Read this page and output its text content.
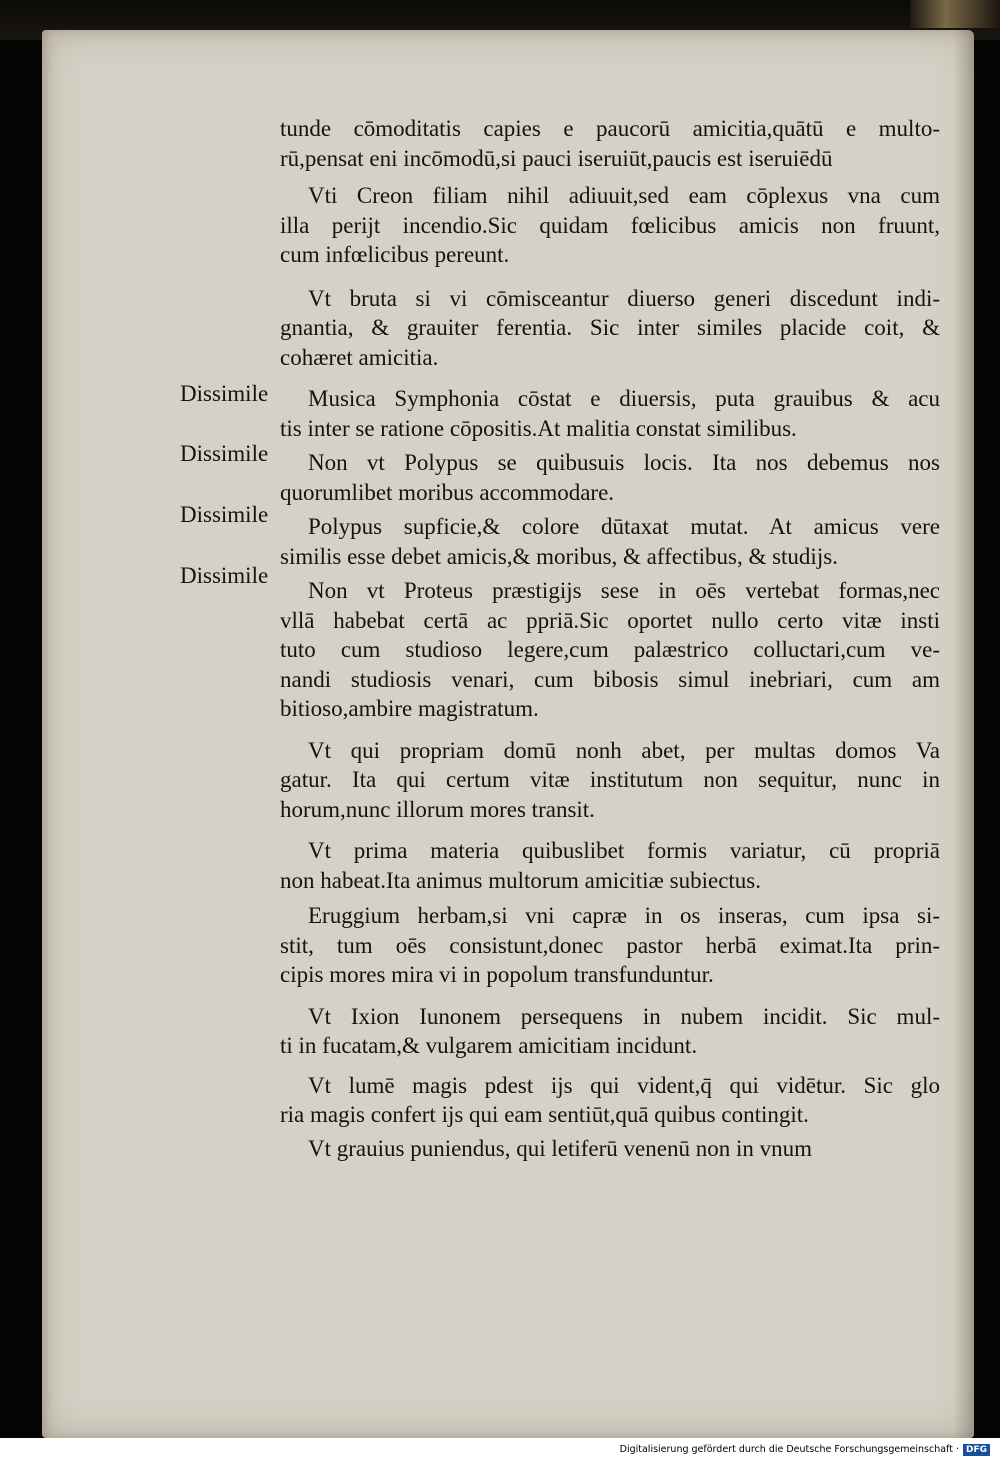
tunde cōmoditatis capies e paucorū amicitia,quātū e multo-
rū,pensat eni incōmodū,si pauci iseruiūt,paucis est iseruiēdū
Vti Creon filiam nihil adiuuit,sed eam cōplexus vna cum
illa perijt incendio.Sic quidam fœlicibus amicis non fruunt,
cum infœlicibus pereunt.
Vt bruta si vi cōmisceantur diuerso generi discedunt indi-
gnantia, & grauiter ferentia. Sic inter similes placide coit, &
cohæret amicitia.
Musica Symphonia cōstat e diuersis, puta grauibus & acu
tis inter se ratione cōpositis.At malitia constat similibus.
Non vt Polypus se quibusuis locis. Ita nos debemus nos
quorumlibet moribus accommodare.
Polypus supficie,& colore dūtaxat mutat. At amicus vere
similis esse debet amicis,& moribus, & affectibus, & studijs.
Non vt Proteus præstigijs sese in oēs vertebat formas,nec
vllā habebat certā ac ppriā.Sic oportet nullo certo vitæ insti
tuto cum studioso legere,cum palæstrico colluctari,cum ve-
nandi studiosis venari, cum bibosis simul inebriari, cum am
bitioso,ambire magistratum.
Vt qui propriam domū nonh abet, per multas domos Va
gatur. Ita qui certum vitæ institutum non sequitur, nunc in
horum,nunc illorum mores transit.
Vt prima materia quibuslibet formis variatur, cū propriā
non habeat.Ita animus multorum amicitiæ subiectus.
Eruggium herbam,si vni capræ in os inseras, cum ipsa si-
stit, tum oēs consistunt,donec pastor herbā eximat.Ita prin-
cipis mores mira vi in popolum transfunduntur.
Vt Ixion Iunonem persequens in nubem incidit. Sic mul-
ti in fucatam,& vulgarem amicitiam incidunt.
Vt lumē magis pdest ijs qui vident,q̄ qui vidētur. Sic glo
ria magis confert ijs qui eam sentiūt,quā quibus contingit.
Vt grauius puniendus, qui letiferū venenū non in vnum
Dissimile
Dissimile
Dissimile
Dissimile
Digitalisierung gefördert durch die Deutsche Forschungsgemeinschaft · DFG
